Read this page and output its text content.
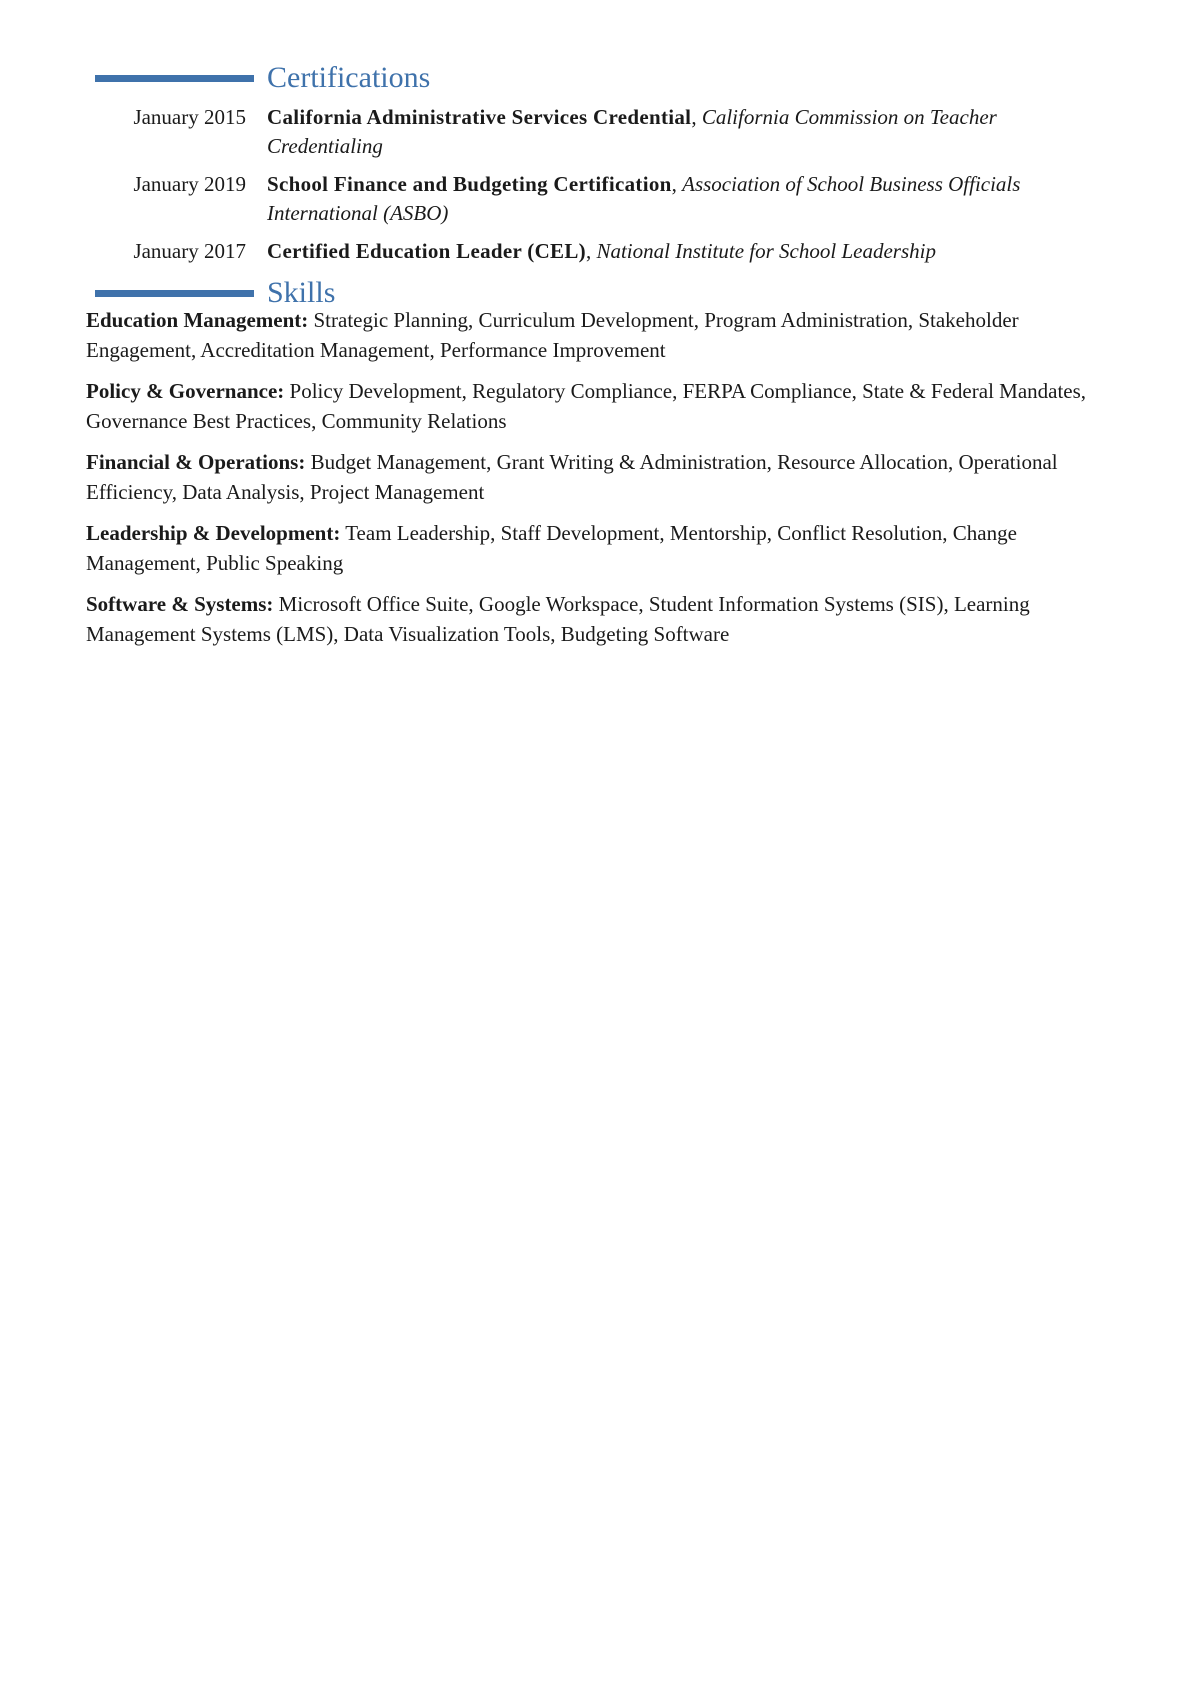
Certifications
January 2015 California Administrative Services Credential, California Commission on Teacher Credentialing
January 2019 School Finance and Budgeting Certification, Association of School Business Officials International (ASBO)
January 2017 Certified Education Leader (CEL), National Institute for School Leadership
Skills
Education Management: Strategic Planning, Curriculum Development, Program Administration, Stakeholder Engagement, Accreditation Management, Performance Improvement
Policy & Governance: Policy Development, Regulatory Compliance, FERPA Compliance, State & Federal Mandates, Governance Best Practices, Community Relations
Financial & Operations: Budget Management, Grant Writing & Administration, Resource Allocation, Operational Efficiency, Data Analysis, Project Management
Leadership & Development: Team Leadership, Staff Development, Mentorship, Conflict Resolution, Change Management, Public Speaking
Software & Systems: Microsoft Office Suite, Google Workspace, Student Information Systems (SIS), Learning Management Systems (LMS), Data Visualization Tools, Budgeting Software
